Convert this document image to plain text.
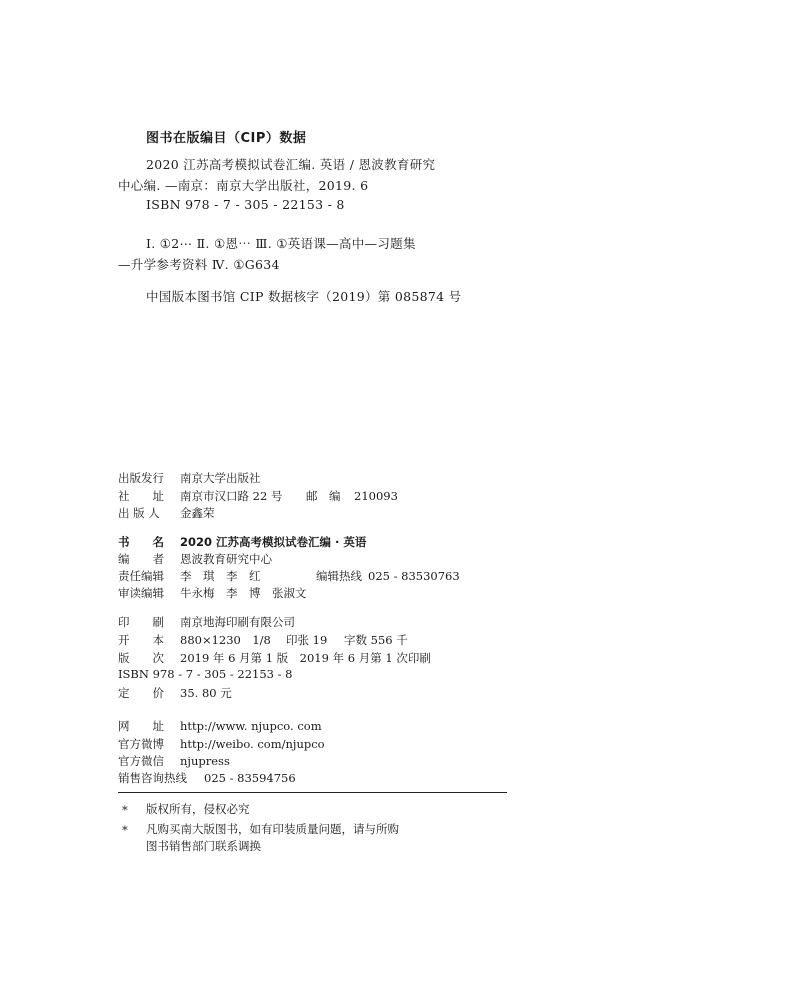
图书在版编目（CIP）数据
2020 江苏高考模拟试卷汇编. 英语 / 恩波教育研究
中心编. —南京：南京大学出版社，2019. 6
ISBN 978 - 7 - 305 - 22153 - 8
Ⅰ. ①2⋯ Ⅱ. ①恩⋯ Ⅲ. ①英语课—高中—习题集
—升学参考资料 Ⅳ. ①G634
中国版本图书馆 CIP 数据核字（2019）第 085874 号
出版发行	南京大学出版社
社　　址	南京市汉口路 22 号	邮　编	210093
出 版 人	金鑫荣
书　　名	2020 江苏高考模拟试卷汇编 · 英语
编　　者	恩波教育研究中心
责任编辑	李　琪　李　红	编辑热线 025 - 83530763
审读编辑	牛永梅　李　博　张淑文
印　　刷	南京地海印刷有限公司
开　　本	880×1230　1/8	印张 19	字数 556 千
版　　次	2019 年 6 月第 1 版　2019 年 6 月第 1 次印刷
ISBN 978 - 7 - 305 - 22153 - 8
定　　价	35. 80 元
网　　址	http://www. njupco. com
官方微博	http://weibo. com/njupco
官方微信	njupress
销售咨询热线	025 - 83594756
* 版权所有，侵权必究
* 凡购买南大版图书，如有印装质量问题，请与所购
图书销售部门联系调换
